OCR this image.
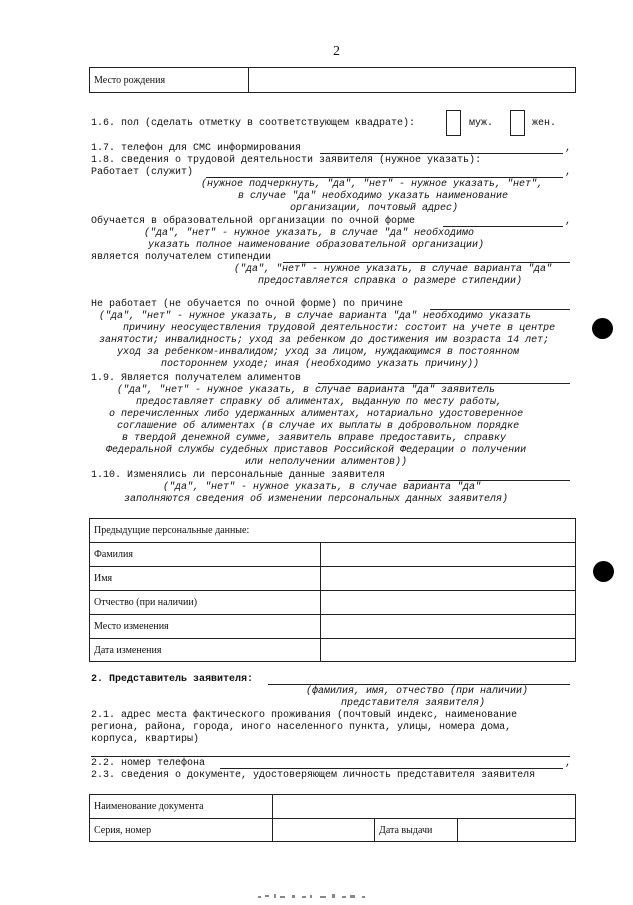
2
Место рождения	
1.6. пол (сделать отметку в соответствующем квадрате):	муж.	жен.
1.7. телефон для СМС информирования	,
1.8. сведения о трудовой деятельности заявителя (нужное указать):
Работает (служит)	,
(нужное подчеркнуть, "да", "нет" - нужное указать, "нет",
в случае "да" необходимо указать наименование
организации, почтовый адрес)
Обучается в образовательной организации по очной форме	,
("да", "нет" - нужное указать, в случае "да" необходимо
указать полное наименование образовательной организации)
является получателем стипендии
("да", "нет" - нужное указать, в случае варианта "да"
предоставляется справка о размере стипендии)
Не работает (не обучается по очной форме) по причине
("да", "нет" - нужное указать, в случае варианта "да" необходимо указать
причину неосуществления трудовой деятельности: состоит на учете в центре
занятости; инвалидность; уход за ребенком до достижения им возраста 14 лет;
уход за ребенком-инвалидом; уход за лицом, нуждающимся в постоянном
постороннем уходе; иная (необходимо указать причину))
1.9. Является получателем алиментов
("да", "нет" - нужное указать, в случае варианта "да" заявитель
предоставляет справку об алиментах, выданную по месту работы,
о перечисленных либо удержанных алиментах, нотариально удостоверенное
соглашение об алиментах (в случае их выплаты в добровольном порядке
в твердой денежной сумме, заявитель вправе предоставить, справку
Федеральной службы судебных приставов Российской Федерации о получении
или неполучении алиментов))
1.10. Изменялись ли персональные данные заявителя
("да", "нет" - нужное указать, в случае варианта "да"
заполняются сведения об изменении персональных данных заявителя)
Предыдущие персональные данные:	
Фамилия	
Имя	
Отчество (при наличии)	
Место изменения	
Дата изменения	
2. Представитель заявителя:
(фамилия, имя, отчество (при наличии)
представителя заявителя)
2.1. адрес места фактического проживания (почтовый индекс, наименование
региона, района, города, иного населенного пункта, улицы, номера дома,
корпуса, квартиры)
2.2. номер телефона	,
2.3. сведения о документе, удостоверяющем личность представителя заявителя
Наименование документа			
Серия, номер		Дата выдачи	
